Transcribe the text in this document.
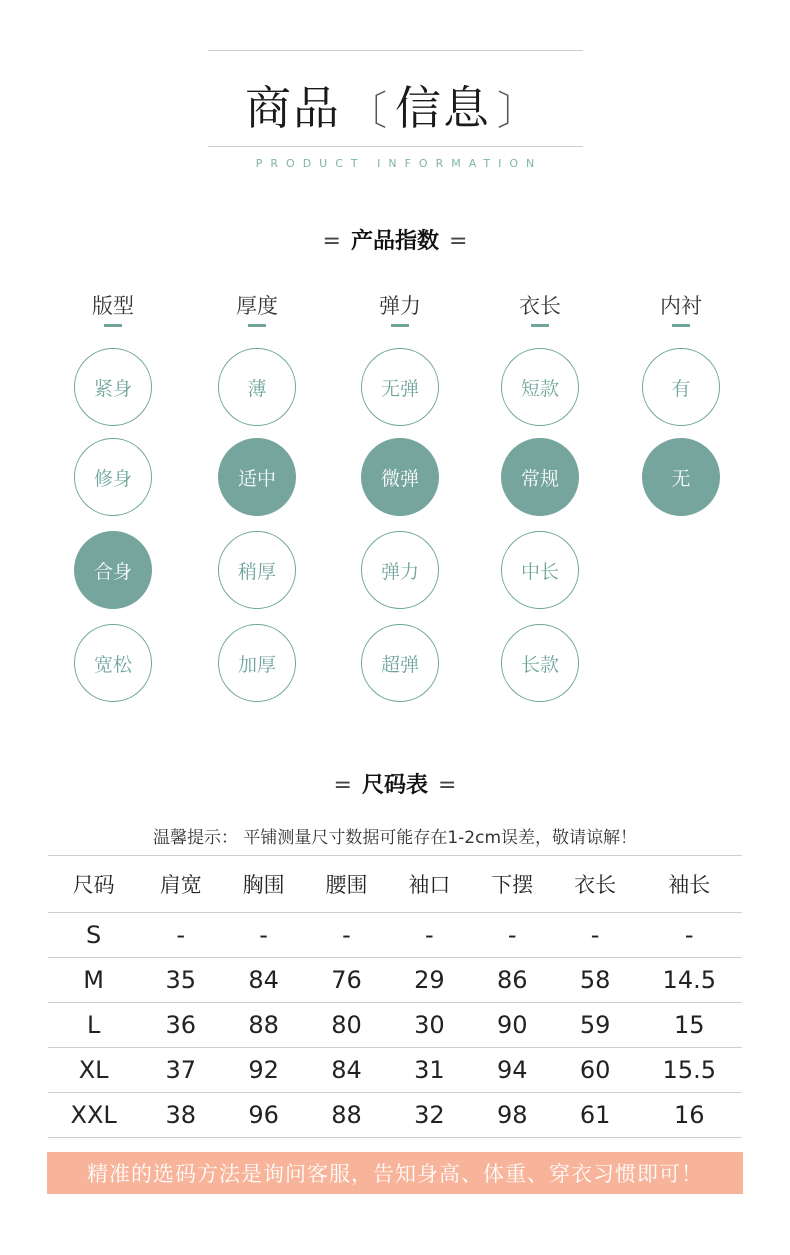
商品 〔 信息 〕
PRODUCT INFORMATION
= 产品指数 =
版型
紧身
修身
合身
宽松
厚度
薄
适中
稍厚
加厚
弹力
无弹
微弹
弹力
超弹
衣长
短款
常规
中长
长款
内衬
有
无
= 尺码表 =
温馨提示： 平铺测量尺寸数据可能存在1-2cm误差，敬请谅解！
尺码	肩宽	胸围	腰围	袖口	下摆	衣长	袖长
S	-	-	-	-	-	-	-
M	35	84	76	29	86	58	14.5
L	36	88	80	30	90	59	15
XL	37	92	84	31	94	60	15.5
XXL	38	96	88	32	98	61	16
精准的选码方法是询问客服，告知身高、体重、穿衣习惯即可！
